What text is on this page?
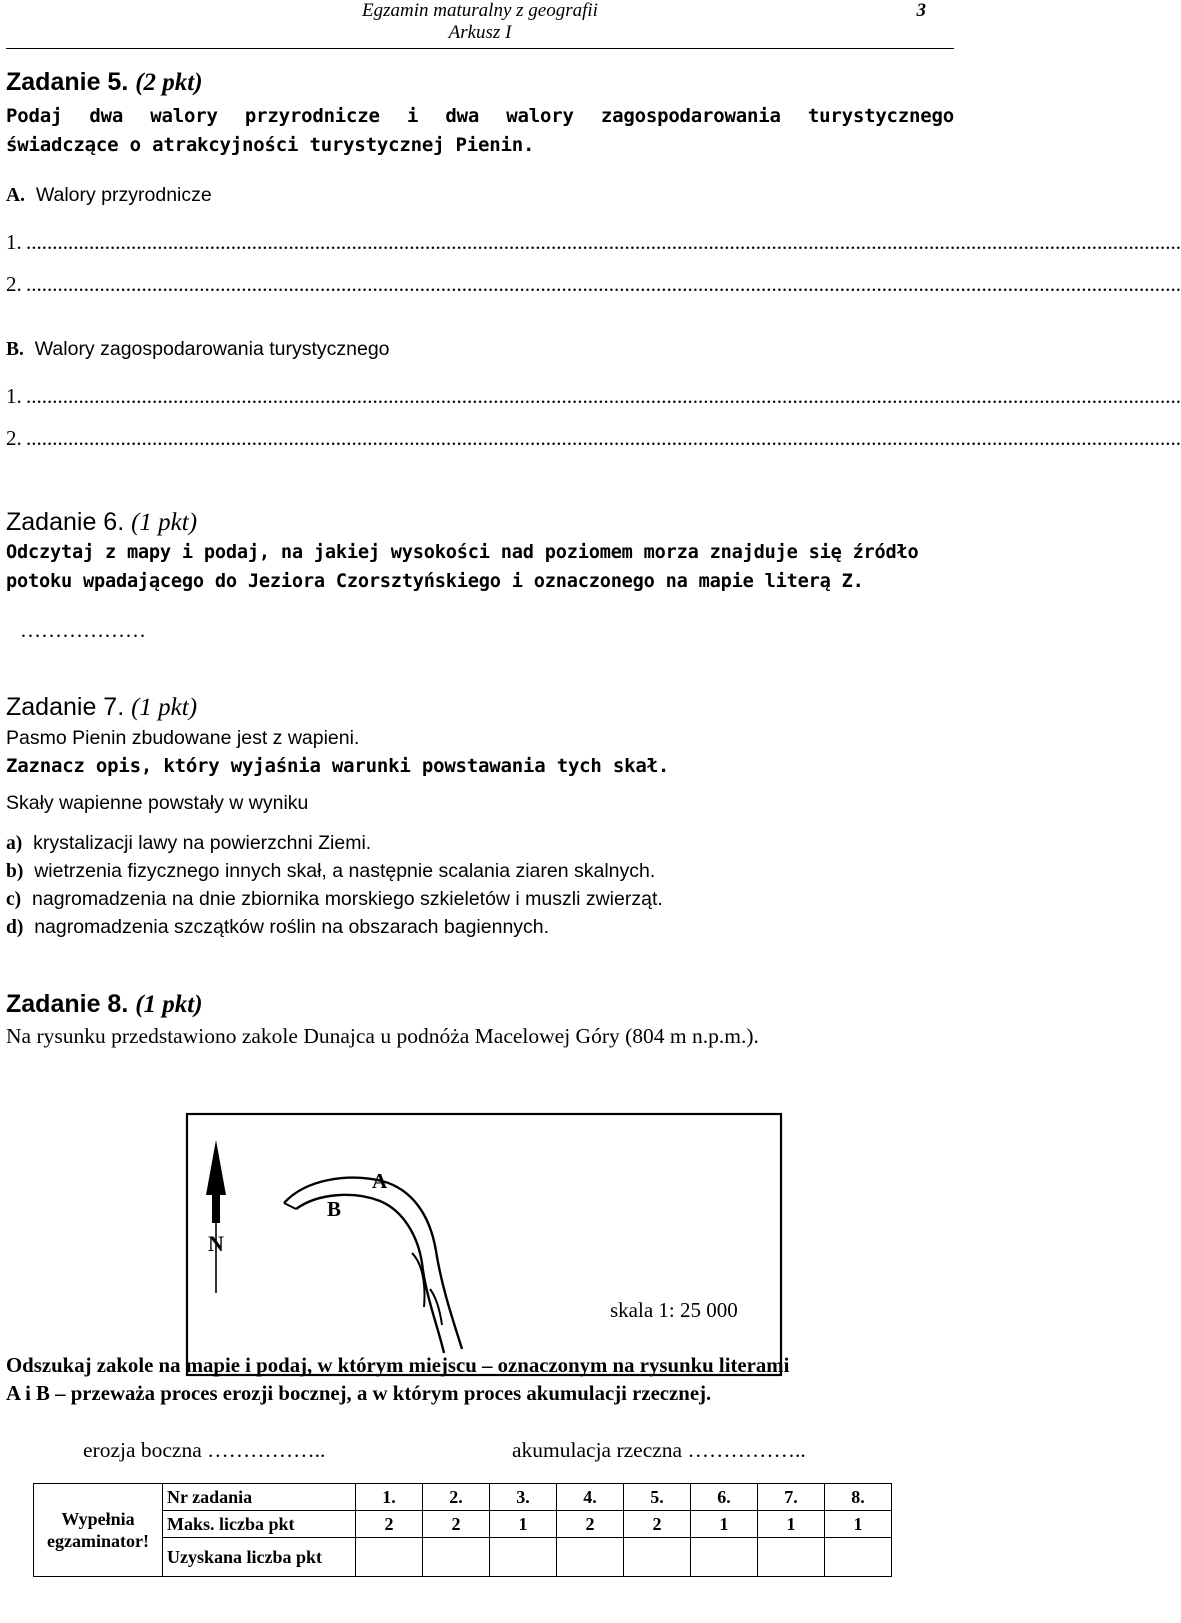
Egzamin maturalny z geografii
Arkusz I
3
Zadanie 5. (2 pkt)
Podaj dwa walory przyrodnicze i dwa walory zagospodarowania turystycznego
świadczące o atrakcyjności turystycznej Pienin.
A. Walory przyrodnicze
1. ............................................................................................................................................................................................................................
2. ............................................................................................................................................................................................................................
B. Walory zagospodarowania turystycznego
1. ............................................................................................................................................................................................................................
2. ............................................................................................................................................................................................................................
Zadanie 6. (1 pkt)
Odczytaj z mapy i podaj, na jakiej wysokości nad poziomem morza znajduje się źródło
potoku wpadającego do Jeziora Czorsztyńskiego i oznaczonego na mapie literą Z.
………………
Zadanie 7. (1 pkt)
Pasmo Pienin zbudowane jest z wapieni.
Zaznacz opis, który wyjaśnia warunki powstawania tych skał.
Skały wapienne powstały w wyniku
a) krystalizacji lawy na powierzchni Ziemi.
b) wietrzenia fizycznego innych skał, a następnie scalania ziaren skalnych.
c) nagromadzenia na dnie zbiornika morskiego szkieletów i muszli zwierząt.
d) nagromadzenia szczątków roślin na obszarach bagiennych.
Zadanie 8. (1 pkt)
Na rysunku przedstawiono zakole Dunajca u podnóża Macelowej Góry (804 m n.p.m.).
N
A
B
skala 1: 25 000
Odszukaj zakole na mapie i podaj, w którym miejscu – oznaczonym na rysunku literami
A i B – przeważa proces erozji bocznej, a w którym proces akumulacji rzecznej.
erozja boczna ……………..	akumulacja rzeczna ……………..
Wypełnia
egzaminator!	Nr zadania	1.	2.	3.	4.	5.	6.	7.	8.
	Maks. liczba pkt	2	2	1	2	2	1	1	1
	Uzyskana liczba pkt								
